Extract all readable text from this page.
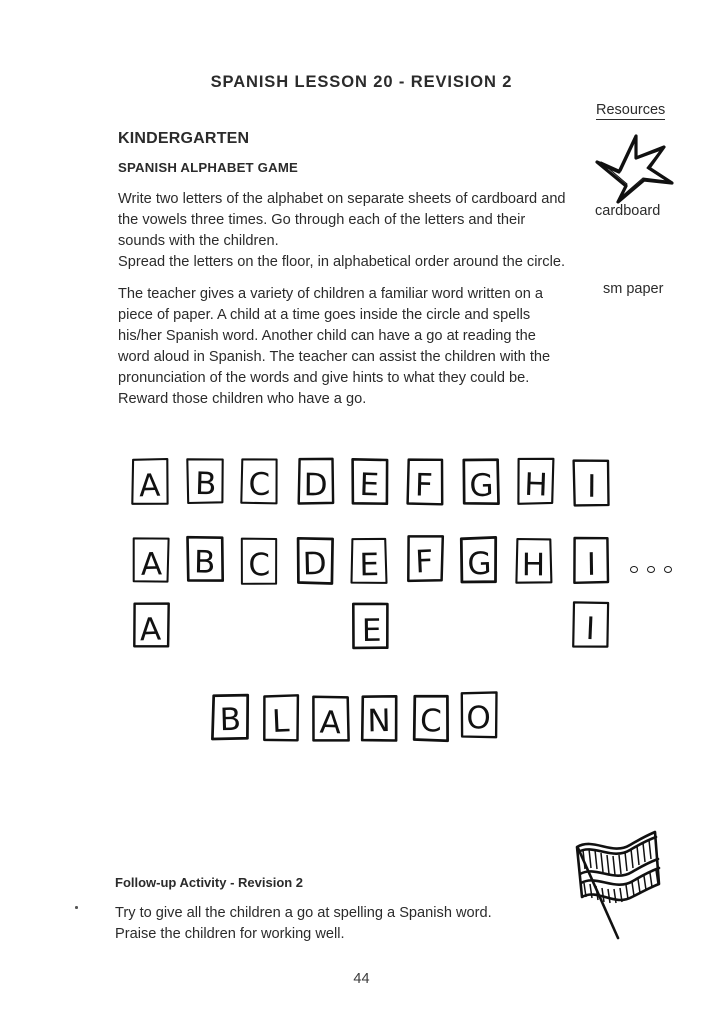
SPANISH LESSON 20 - REVISION 2
Resources
cardboard
sm paper
KINDERGARTEN
SPANISH ALPHABET GAME
Write two letters of the alphabet on separate sheets of cardboard and the vowels three times. Go through each of the letters and their sounds with the children.
Spread the letters on the floor, in alphabetical order around the circle.
The teacher gives a variety of children a familiar word written on a piece of paper. A child at a time goes inside the circle and spells his/her Spanish word. Another child can have a go at reading the word aloud in Spanish. The teacher can assist the children with the pronunciation of the words and give hints to what they could be. Reward those children who have a go.
A B C D E F G H I
A B C D E F G H I
A	E	I
B L A N C O
Follow-up Activity - Revision 2
Try to give all the children a go at spelling a Spanish word. Praise the children for working well.
44
